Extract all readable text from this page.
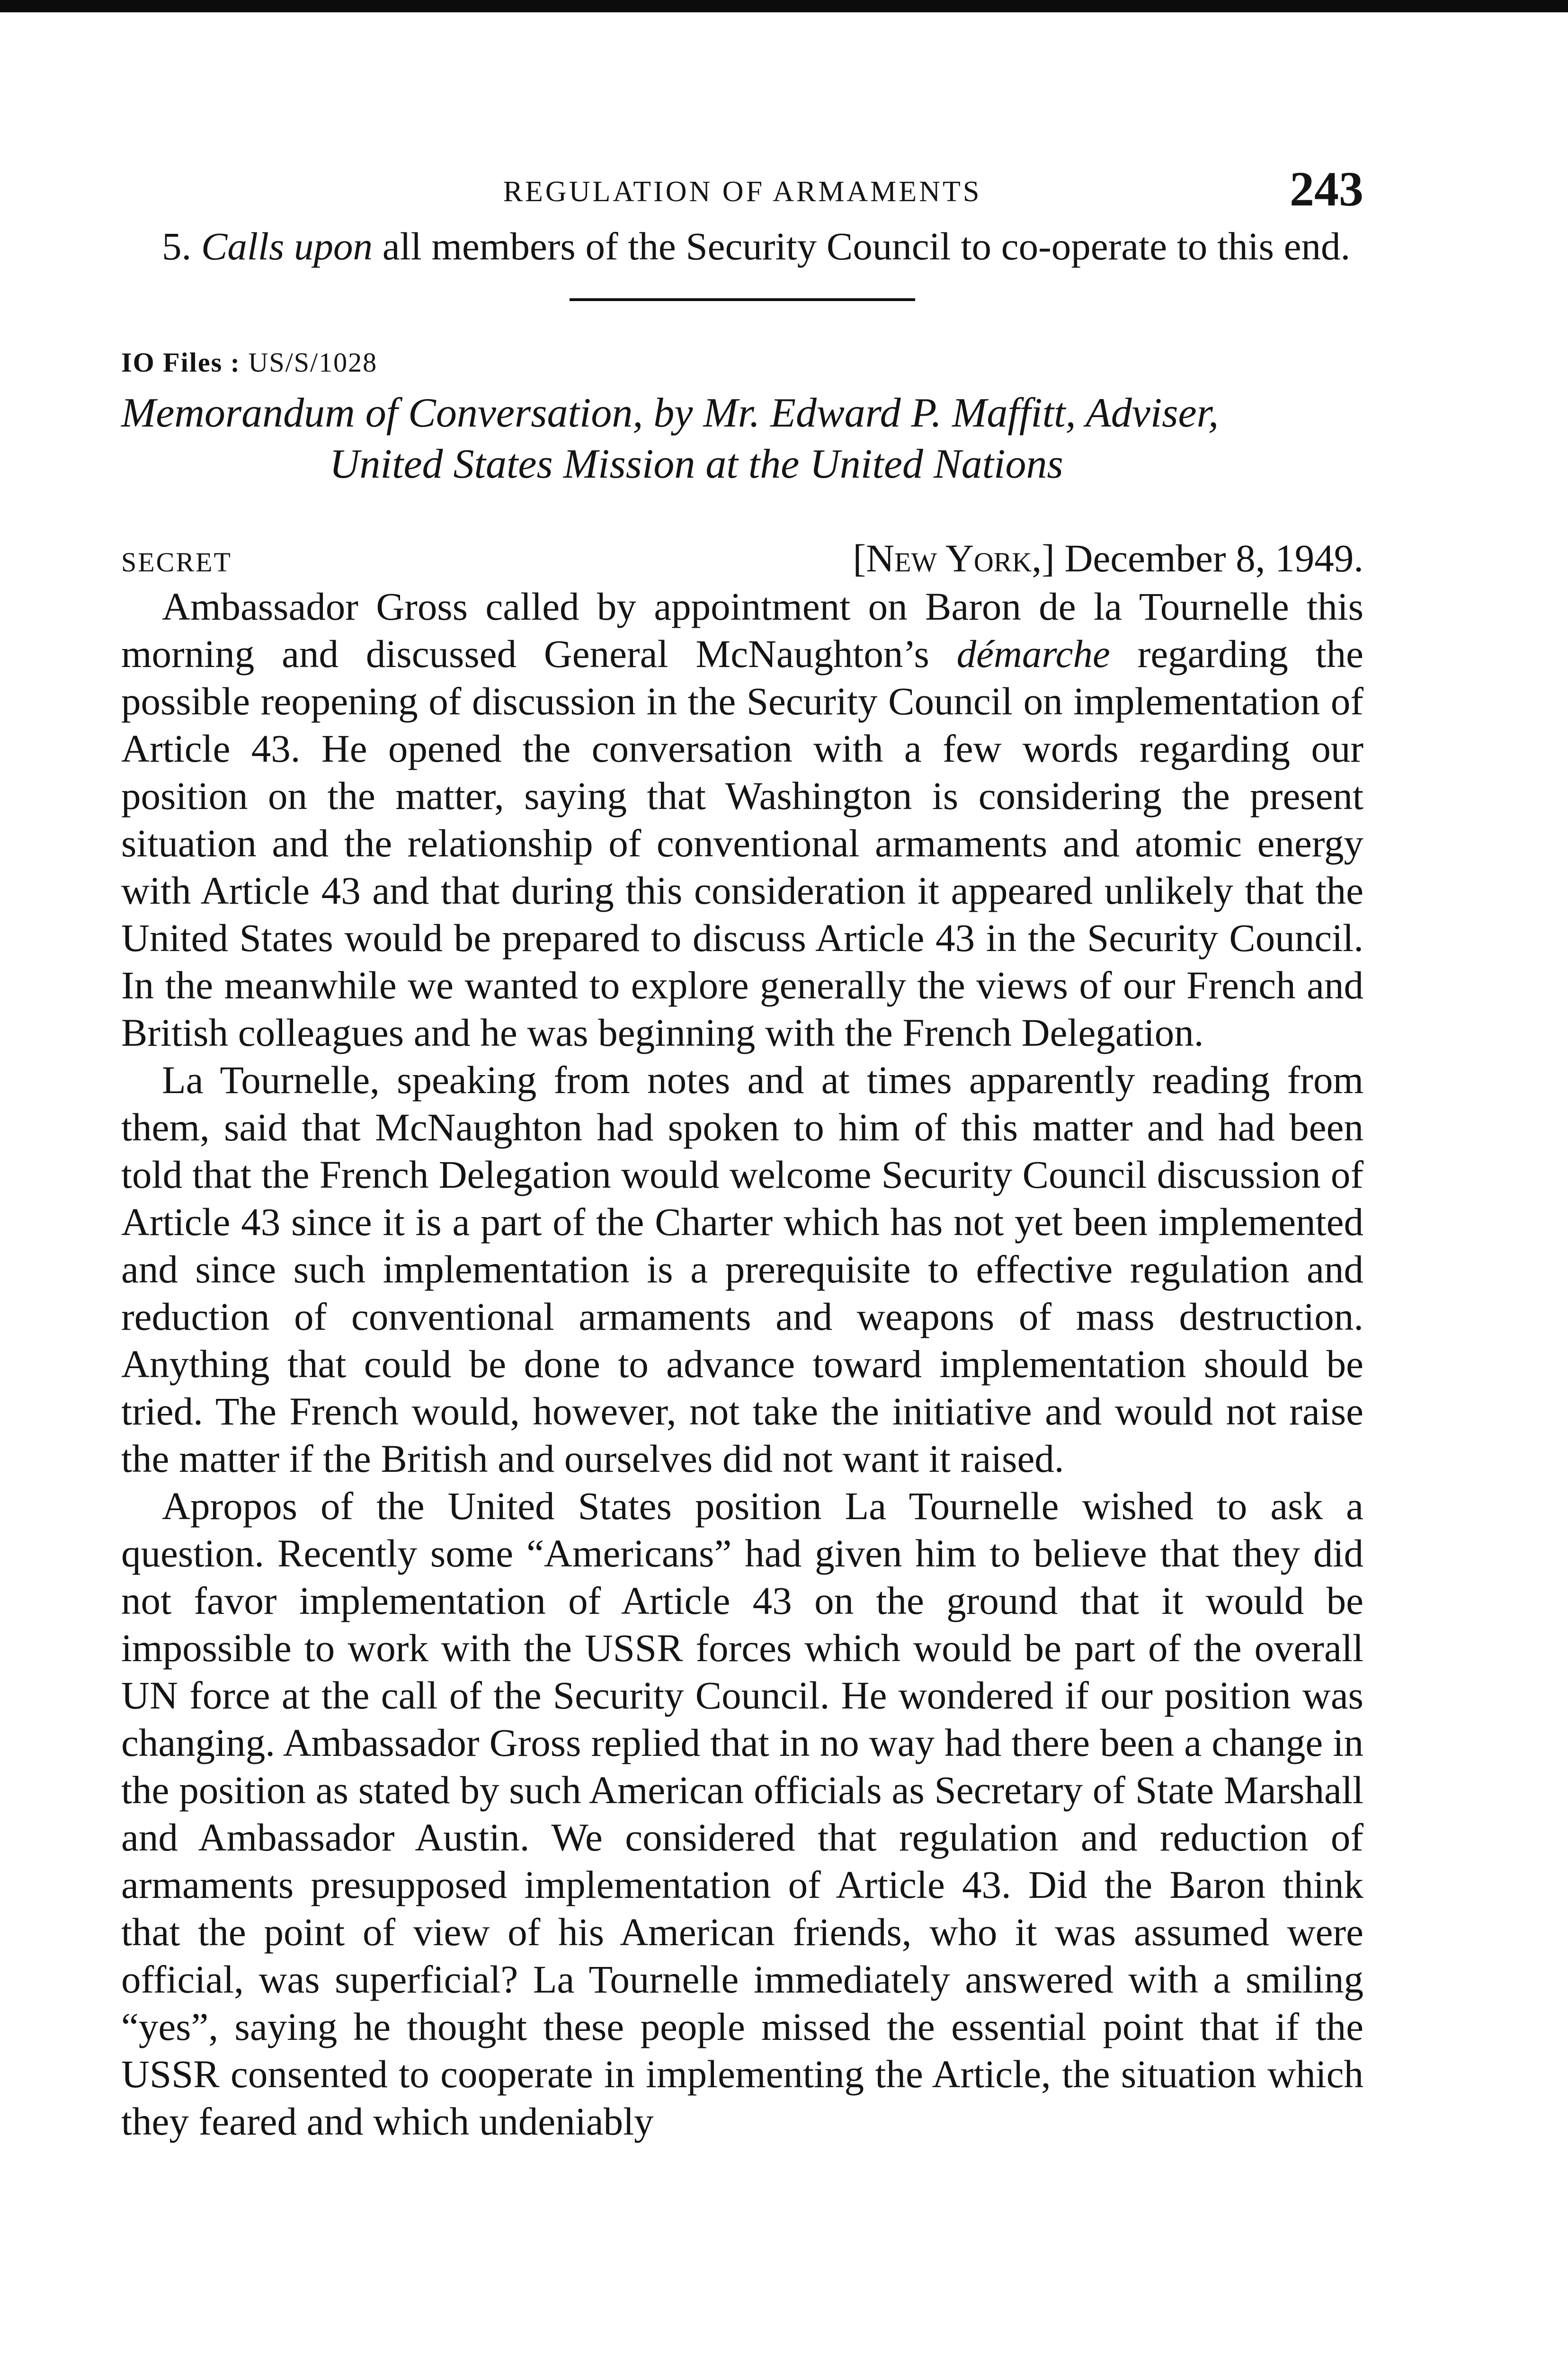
REGULATION OF ARMAMENTS	243

5. Calls upon all members of the Security Council to co-operate to this end.

IO Files : US/S/1028
Memorandum of Conversation, by Mr. Edward P. Maffitt, Adviser,
United States Mission at the United Nations
SECRET	[New York,] December 8, 1949.

Ambassador Gross called by appointment on Baron de la Tournelle this morning and discussed General McNaughton’s démarche regarding the possible reopening of discussion in the Security Council on implementation of Article 43. He opened the conversation with a few words regarding our position on the matter, saying that Washington is considering the present situation and the relationship of conventional armaments and atomic energy with Article 43 and that during this consideration it appeared unlikely that the United States would be prepared to discuss Article 43 in the Security Council. In the meanwhile we wanted to explore generally the views of our French and British colleagues and he was beginning with the French Delegation.

La Tournelle, speaking from notes and at times apparently reading from them, said that McNaughton had spoken to him of this matter and had been told that the French Delegation would welcome Security Council discussion of Article 43 since it is a part of the Charter which has not yet been implemented and since such implementation is a prerequisite to effective regulation and reduction of conventional armaments and weapons of mass destruction. Anything that could be done to advance toward implementation should be tried. The French would, however, not take the initiative and would not raise the matter if the British and ourselves did not want it raised.

Apropos of the United States position La Tournelle wished to ask a question. Recently some “Americans” had given him to believe that they did not favor implementation of Article 43 on the ground that it would be impossible to work with the USSR forces which would be part of the overall UN force at the call of the Security Council. He wondered if our position was changing. Ambassador Gross replied that in no way had there been a change in the position as stated by such American officials as Secretary of State Marshall and Ambassador Austin. We considered that regulation and reduction of armaments presupposed implementation of Article 43. Did the Baron think that the point of view of his American friends, who it was assumed were official, was superficial? La Tournelle immediately answered with a smiling “yes”, saying he thought these people missed the essential point that if the USSR consented to cooperate in implementing the Article, the situation which they feared and which undeniably
